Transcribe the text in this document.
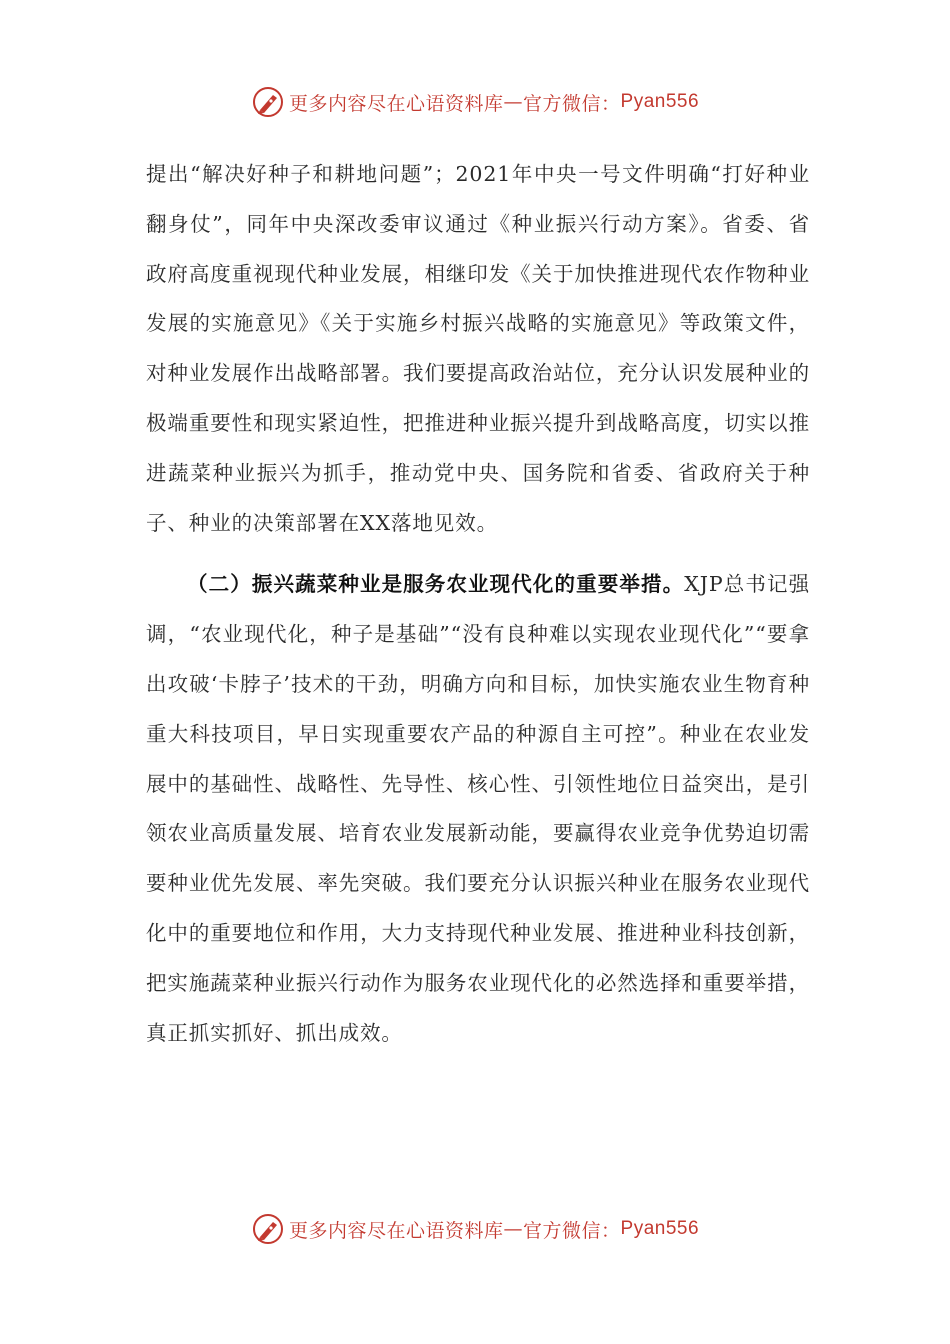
更多内容尽在 心语资料库 — 官方微信： Pyan556

提出“解决好种子和耕地问题”；2021年中央一号文件明确“打好种业翻身仗”，同年中央深改委审议通过《种业振兴行动方案》。省委、省政府高度重视现代种业发展，相继印发《关于加快推进现代农作物种业发展的实施意见》《关于实施乡村振兴战略的实施意见》等政策文件，对种业发展作出战略部署。我们要提高政治站位，充分认识发展种业的极端重要性和现实紧迫性，把推进种业振兴提升到战略高度，切实以推进蔬菜种业振兴为抓手，推动党中央、国务院和省委、省政府关于种子、种业的决策部署在XX落地见效。

（二）振兴蔬菜种业是服务农业现代化的重要举措。XJP总书记强调，“农业现代化，种子是基础”“没有良种难以实现农业现代化”“要拿出攻破‘卡脖子’技术的干劲，明确方向和目标，加快实施农业生物育种重大科技项目，早日实现重要农产品的种源自主可控”。种业在农业发展中的基础性、战略性、先导性、核心性、引领性地位日益突出，是引领农业高质量发展、培育农业发展新动能，要赢得农业竞争优势迫切需要种业优先发展、率先突破。我们要充分认识振兴种业在服务农业现代化中的重要地位和作用，大力支持现代种业发展、推进种业科技创新，把实施蔬菜种业振兴行动作为服务农业现代化的必然选择和重要举措，真正抓实抓好、抓出成效。

更多内容尽在 心语资料库 — 官方微信： Pyan556
